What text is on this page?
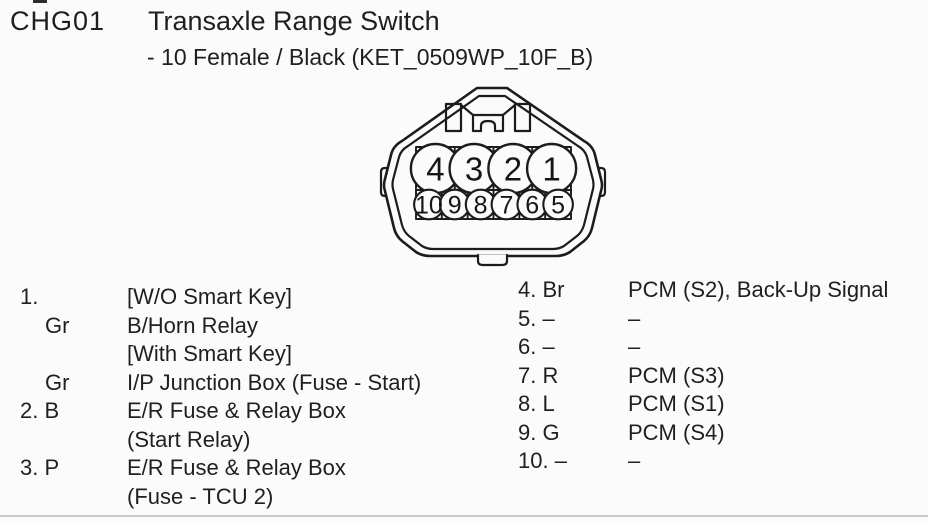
CHG01 Transaxle Range Switch
- 10 Female / Black (KET_0509WP_10F_B)
4 3 2 1
10 9 8 7 6 5
1.	[W/O Smart Key]
Gr	B/Horn Relay
[With Smart Key]
Gr	I/P Junction Box (Fuse - Start)
2. B	E/R Fuse & Relay Box
(Start Relay)
3. P	E/R Fuse & Relay Box
(Fuse - TCU 2)
4. Br	PCM (S2), Back-Up Signal
5. –	–
6. –	–
7. R	PCM (S3)
8. L	PCM (S1)
9. G	PCM (S4)
10. –	–
